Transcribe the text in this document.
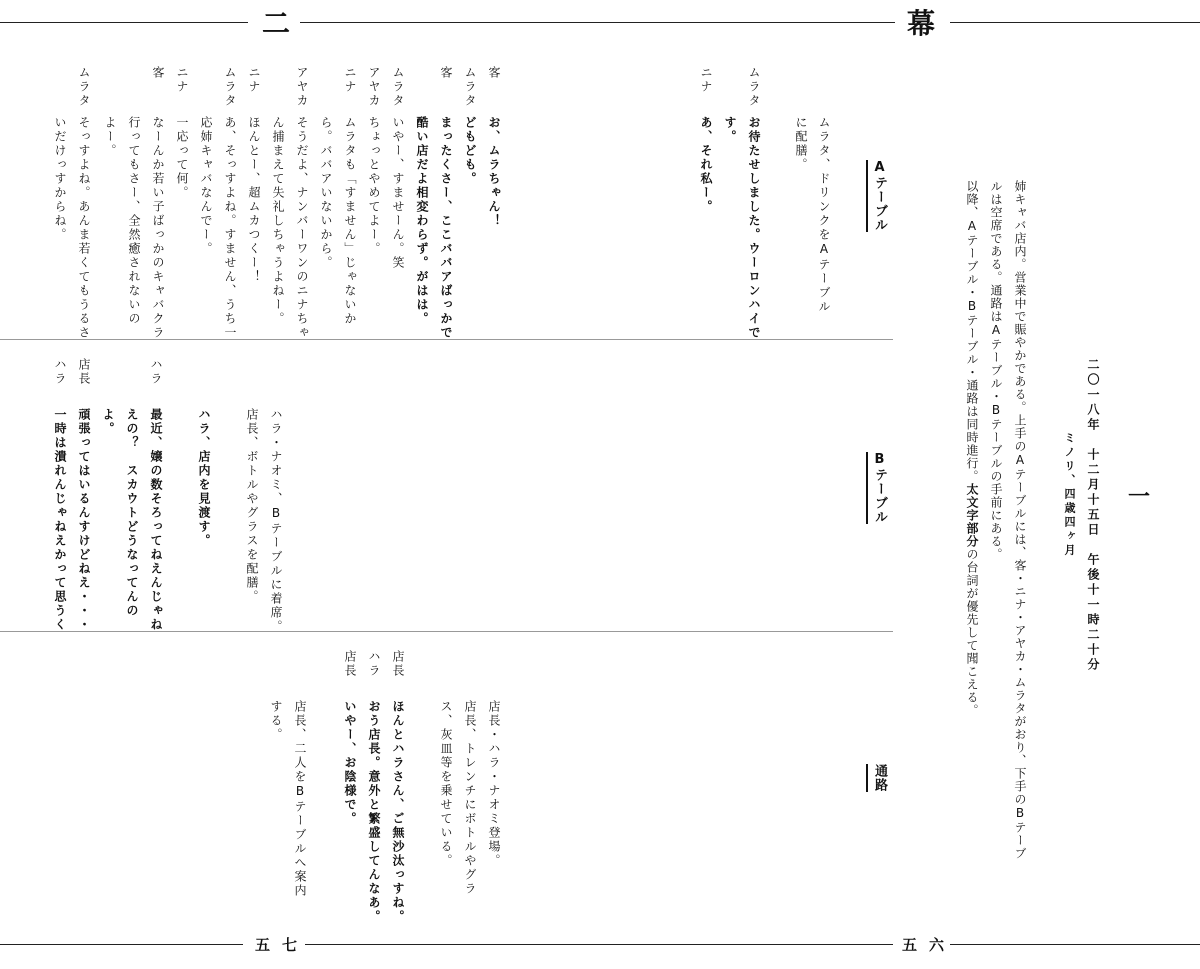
二	幕
五七	五六
一
二〇一八年　十二月十五日　午後十一時二十分
ミノリ、四歳四ヶ月
姉キャバ店内。営業中で賑やかである。上手のAテーブルには、客・ニナ・アヤカ・ムラタがおり、下手のBテーブ
ルは空席である。通路はAテーブル・Bテーブルの手前にある。
以降、Aテーブル・Bテーブル・通路は同時進行。太文字部分の台詞が優先して聞こえる。
Aテーブル
Bテーブル
通路
ムラタ、ドリンクをAテーブル
に配膳。
ムラタ
お待たせしました。ウーロンハイで
す。
ニナ
あ、それ私ー。
客
お、ムラちゃん！
ムラタ
どもども。
客
まったくさー、ここババアばっかで
酷い店だよ相変わらず。がはは。
ムラタ
いやー、すませーん。笑
アヤカ
ちょっとやめてよー。
ニナ
ムラタも「すません」じゃないか
ら。ババアいないから。
アヤカ
そうだよ、ナンバーワンのニナちゃ
ん捕まえて失礼しちゃうよねー。
ニナ
ほんとー、超ムカつくー！
ムラタ
あ、そっすよね。すません、うち一
応姉キャバなんでー。
ニナ
一応って何。
客
なーんか若い子ばっかのキャバクラ
行ってもさー、全然癒されないの
よー。
ムラタ
そっすよね。あんま若くてもうるさ
いだけっすからね。
ハラ・ナオミ、Bテーブルに着席。
店長、ボトルやグラスを配膳。
ハラ、店内を見渡す。
ハラ
最近、嬢の数そろってねえんじゃね
えの？　スカウトどうなってんの
よ。
店長
ハラ
頑張ってはいるんすけどねえ・・・
一時は潰れんじゃねえかって思うく
店長・ハラ・ナオミ登場。
店長、トレンチにボトルやグラ
ス、灰皿等を乗せている。
店長
ほんとハラさん、ご無沙汰っすね。
ハラ
おう店長。意外と繁盛してんなあ。
店長
いやー、お陰様で。
店長、二人をBテーブルへ案内
する。
